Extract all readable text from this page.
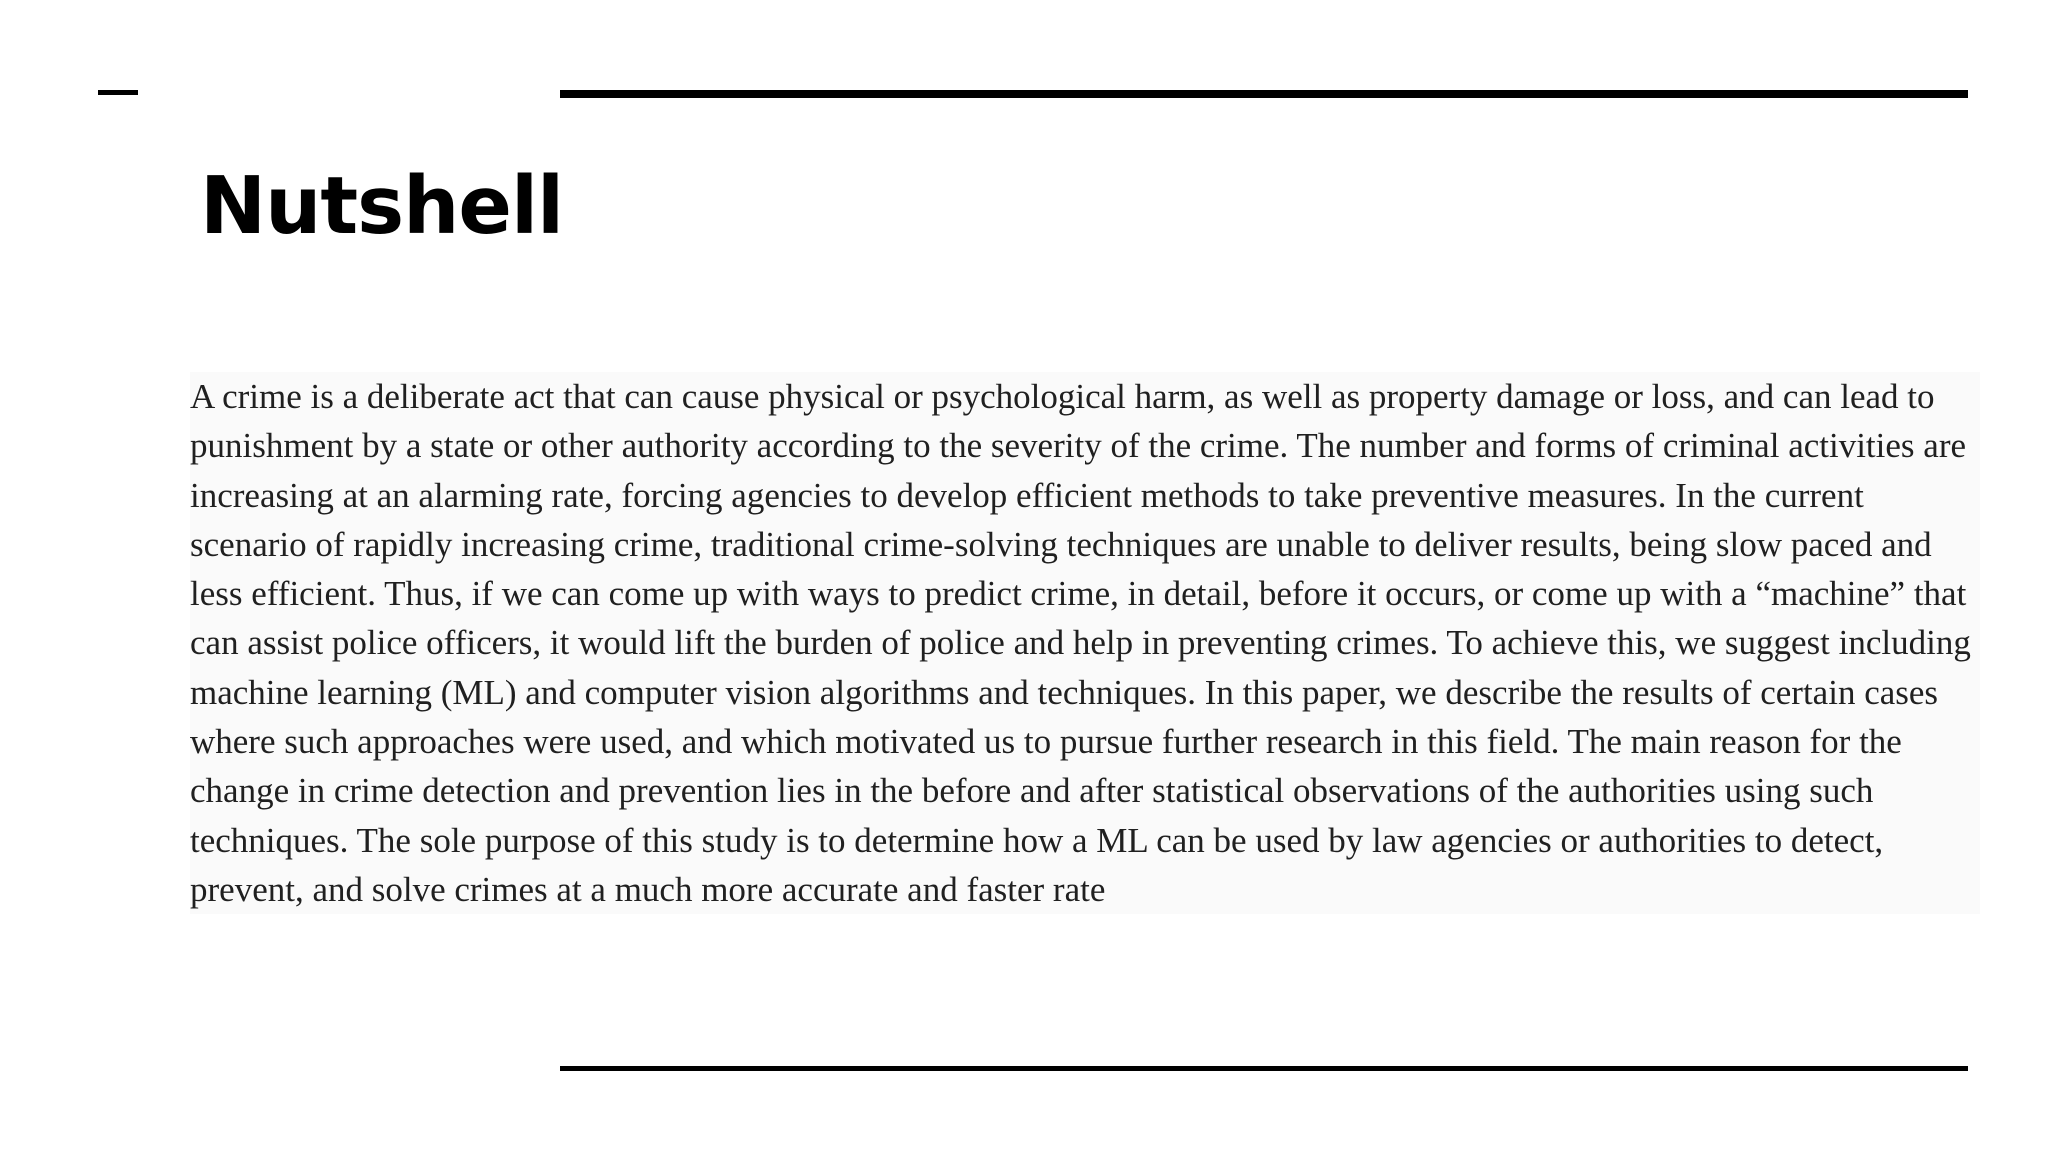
Nutshell

A crime is a deliberate act that can cause physical or psychological harm, as well as property damage or loss, and can lead to punishment by a state or other authority according to the severity of the crime. The number and forms of criminal activities are increasing at an alarming rate, forcing agencies to develop efficient methods to take preventive measures. In the current scenario of rapidly increasing crime, traditional crime-solving techniques are unable to deliver results, being slow paced and less efficient. Thus, if we can come up with ways to predict crime, in detail, before it occurs, or come up with a “machine” that can assist police officers, it would lift the burden of police and help in preventing crimes. To achieve this, we suggest including machine learning (ML) and computer vision algorithms and techniques. In this paper, we describe the results of certain cases where such approaches were used, and which motivated us to pursue further research in this field. The main reason for the change in crime detection and prevention lies in the before and after statistical observations of the authorities using such techniques. The sole purpose of this study is to determine how a ML can be used by law agencies or authorities to detect, prevent, and solve crimes at a much more accurate and faster rate
